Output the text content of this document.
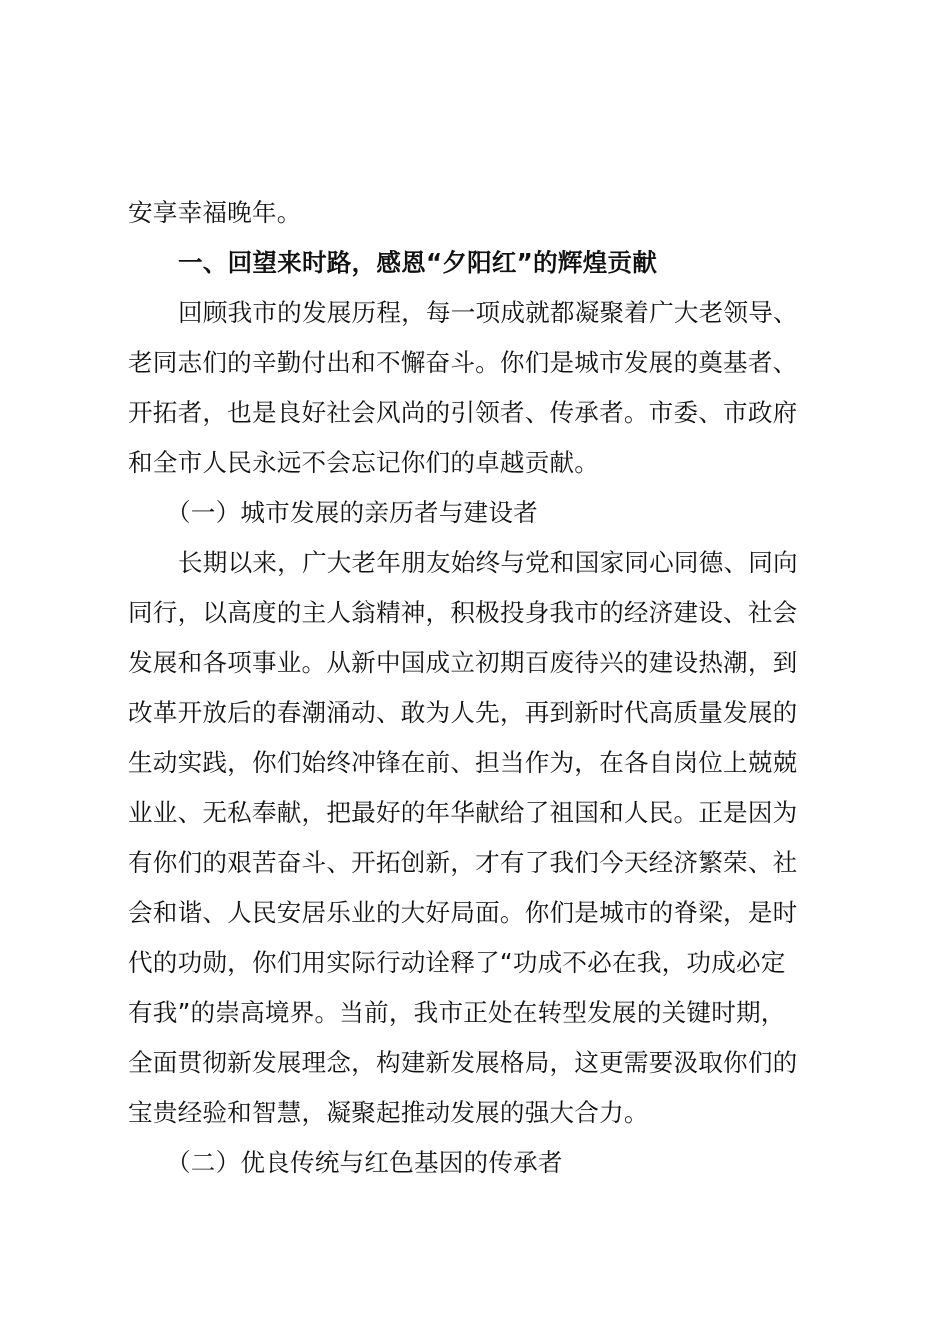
安享幸福晚年。
一、回望来时路，感恩“夕阳红”的辉煌贡献
回顾我市的发展历程，每一项成就都凝聚着广大老领导、
老同志们的辛勤付出和不懈奋斗。你们是城市发展的奠基者、
开拓者，也是良好社会风尚的引领者、传承者。市委、市政府
和全市人民永远不会忘记你们的卓越贡献。
（一）城市发展的亲历者与建设者
长期以来，广大老年朋友始终与党和国家同心同德、同向
同行，以高度的主人翁精神，积极投身我市的经济建设、社会
发展和各项事业。从新中国成立初期百废待兴的建设热潮，到
改革开放后的春潮涌动、敢为人先，再到新时代高质量发展的
生动实践，你们始终冲锋在前、担当作为，在各自岗位上兢兢
业业、无私奉献，把最好的年华献给了祖国和人民。正是因为
有你们的艰苦奋斗、开拓创新，才有了我们今天经济繁荣、社
会和谐、人民安居乐业的大好局面。你们是城市的脊梁，是时
代的功勋，你们用实际行动诠释了“功成不必在我，功成必定
有我”的崇高境界。当前，我市正处在转型发展的关键时期，
全面贯彻新发展理念，构建新发展格局，这更需要汲取你们的
宝贵经验和智慧，凝聚起推动发展的强大合力。
（二）优良传统与红色基因的传承者
